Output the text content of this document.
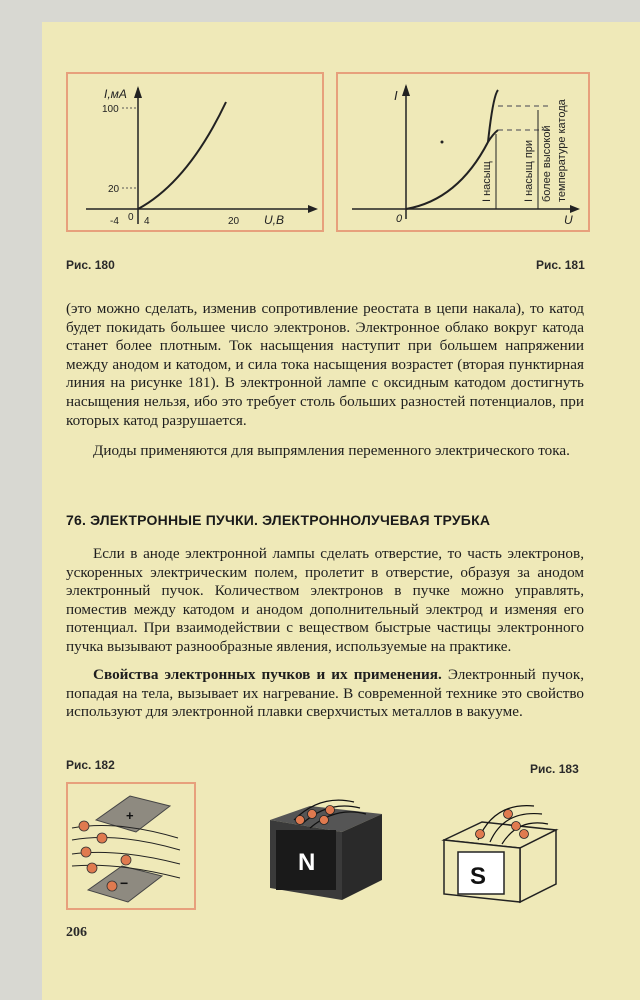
I,мA
100
20
-4 0 4	20 U,B
Рис. 180
I
0	U
I насыщ	I насыщ при более высокой температуре катода
Рис. 181

(это можно сделать, изменив сопротивление реостата в цепи накала), то катод будет покидать большее число электронов. Электронное облако вокруг катода станет более плотным. Ток насыщения наступит при большем напряжении между анодом и катодом, и сила тока насыщения возрастет (вторая пунктирная линия на рисунке 181). В электронной лампе с оксидным катодом достигнуть насыщения нельзя, ибо это требует столь больших разностей потенциалов, при которых катод разрушается.

Диоды применяются для выпрямления переменного электрического тока.

76. ЭЛЕКТРОННЫЕ ПУЧКИ. ЭЛЕКТРОННОЛУЧЕВАЯ ТРУБКА

Если в аноде электронной лампы сделать отверстие, то часть электронов, ускоренных электрическим полем, пролетит в отверстие, образуя за анодом электронный пучок. Количеством электронов в пучке можно управлять, поместив между катодом и анодом дополнительный электрод и изменяя его потенциал. При взаимодействии с веществом быстрые частицы электронного пучка вызывают разнообразные явления, используемые на практике.

Свойства электронных пучков и их применения. Электронный пучок, попадая на тела, вызывает их нагревание. В современной технике это свойство используют для электронной плавки сверхчистых металлов в вакууме.

Рис. 182	Рис. 183
+
−
N
S
206
